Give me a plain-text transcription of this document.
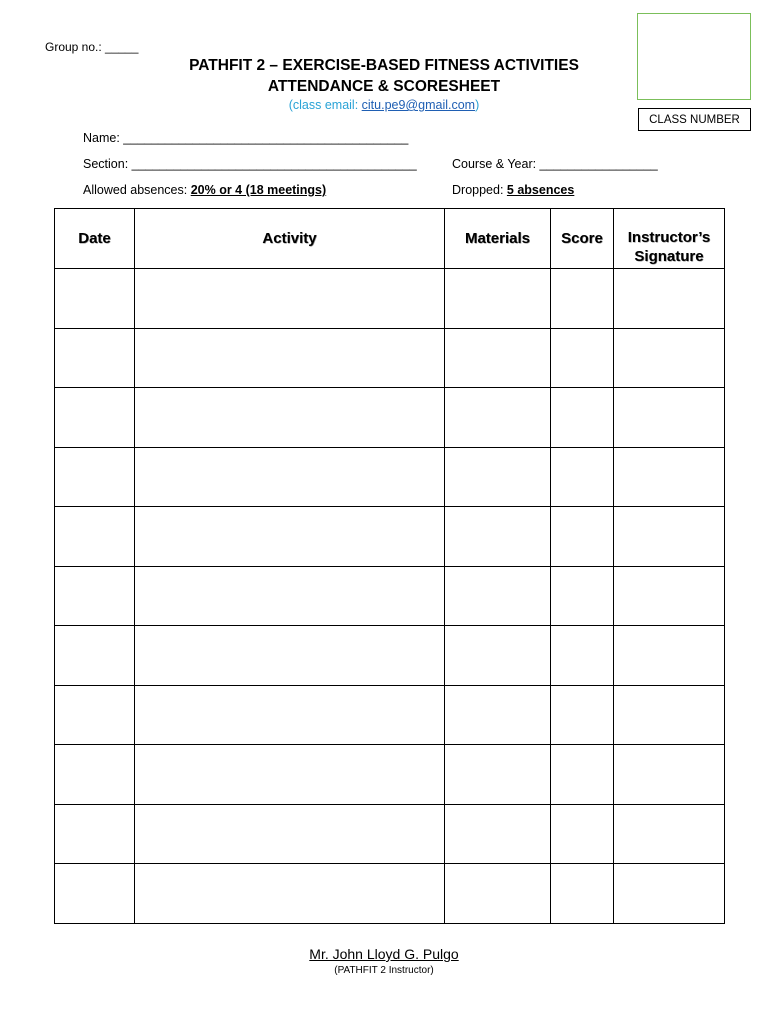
Group no.: _____
PATHFIT 2 – EXERCISE-BASED FITNESS ACTIVITIES
ATTENDANCE & SCORESHEET
(class email: citu.pe9@gmail.com)
CLASS NUMBER
Name: _________________________________________
Section: _________________________________________	Course & Year: _________________
Allowed absences: 20% or 4 (18 meetings)	Dropped: 5 absences
Date	Activity	Materials	Score	Instructor’s Signature

Mr. John Lloyd G. Pulgo
(PATHFIT 2 Instructor)
